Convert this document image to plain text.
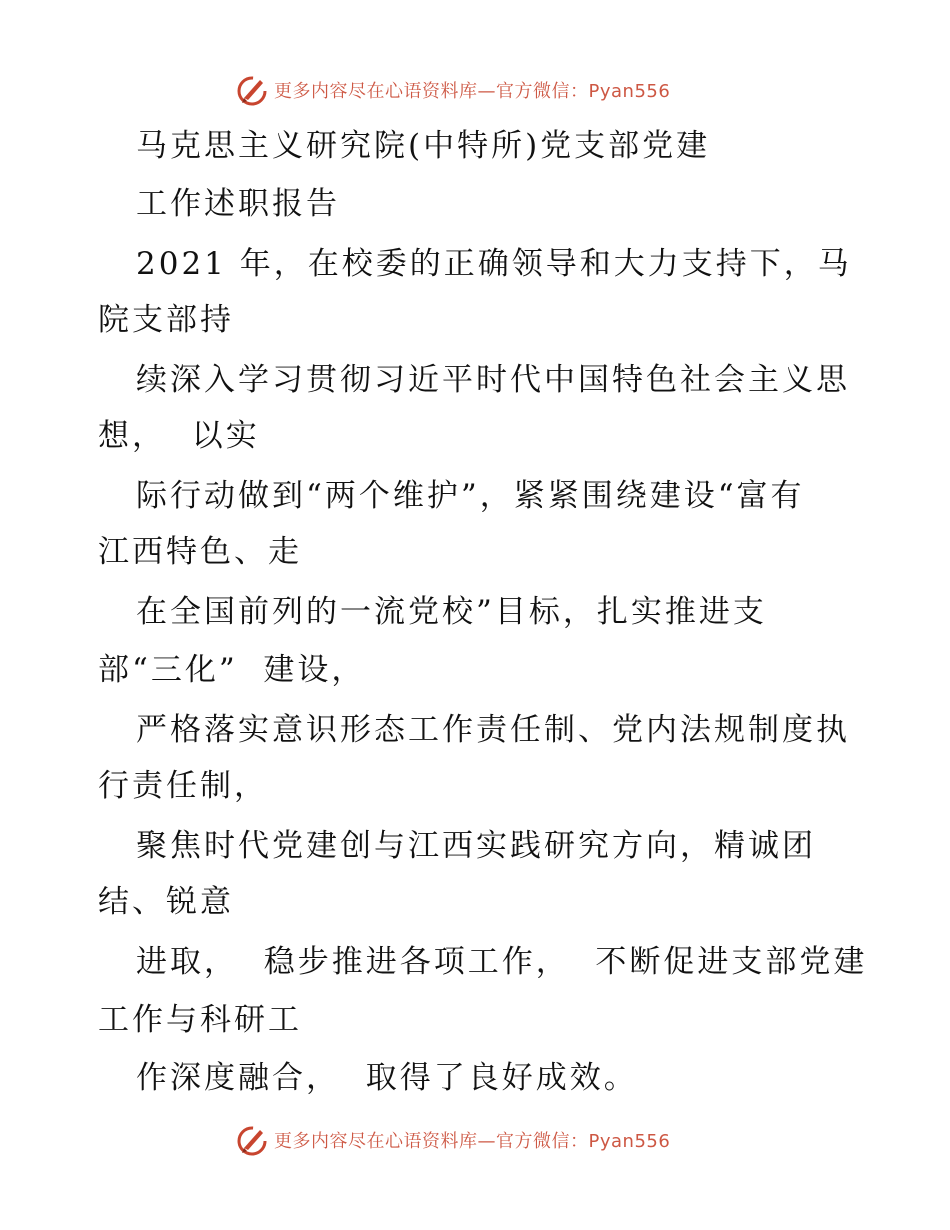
更多内容尽在心语资料库—官方微信：Pyan556
马克思主义研究院(中特所)党支部党建
工作述职报告
2021 年，在校委的正确领导和大力支持下，马
院支部持
续深入学习贯彻习近平时代中国特色社会主义思
想，  以实
际行动做到“两个维护”，紧紧围绕建设“富有
江西特色、走
在全国前列的一流党校”目标，扎实推进支
部“三化”  建设，
严格落实意识形态工作责任制、党内法规制度执
行责任制，
聚焦时代党建创与江西实践研究方向，精诚团
结、锐意
进取，  稳步推进各项工作，  不断促进支部党建
工作与科研工
作深度融合，  取得了良好成效。
更多内容尽在心语资料库—官方微信：Pyan556
